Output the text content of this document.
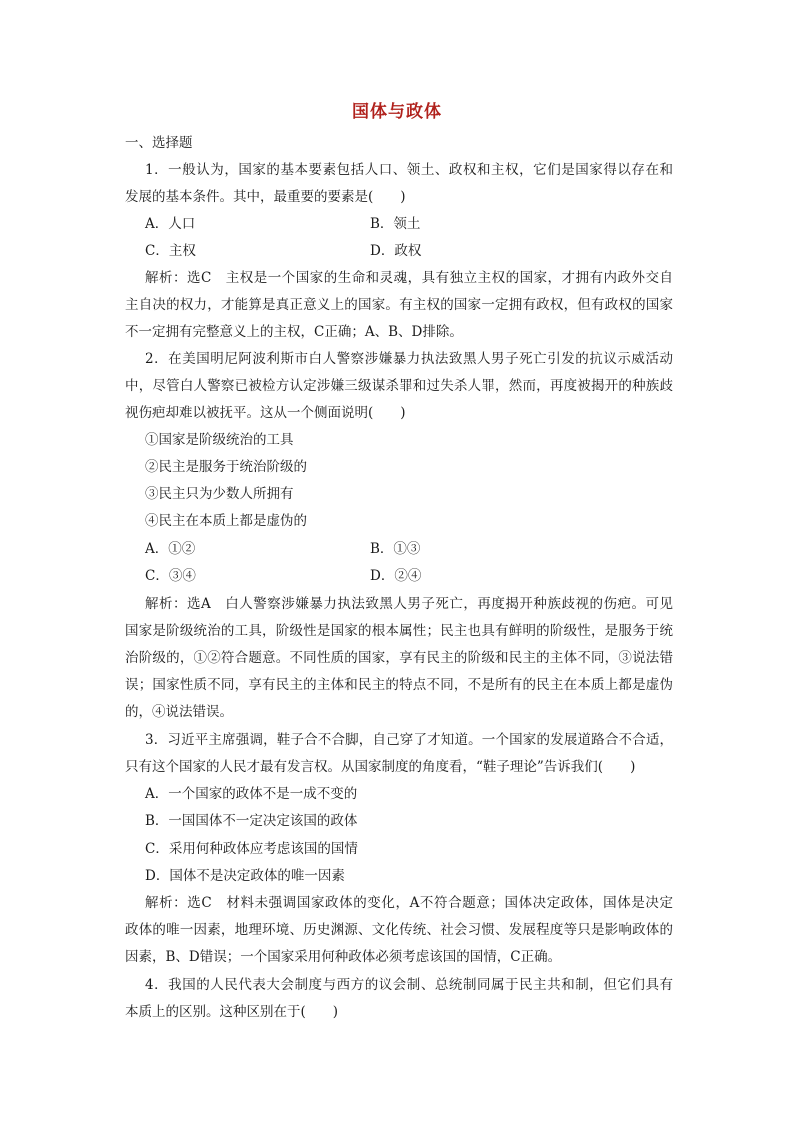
国体与政体
一、选择题
1．一般认为，国家的基本要素包括人口、领土、政权和主权，它们是国家得以存在和
发展的基本条件。其中，最重要的要素是(　　)
A．人口	B．领土
C．主权	D．政权
解析：选C　主权是一个国家的生命和灵魂，具有独立主权的国家，才拥有内政外交自
主自决的权力，才能算是真正意义上的国家。有主权的国家一定拥有政权，但有政权的国家
不一定拥有完整意义上的主权，C正确；A、B、D排除。
2．在美国明尼阿波利斯市白人警察涉嫌暴力执法致黑人男子死亡引发的抗议示威活动
中，尽管白人警察已被检方认定涉嫌三级谋杀罪和过失杀人罪，然而，再度被揭开的种族歧
视伤疤却难以被抚平。这从一个侧面说明(　　)
①国家是阶级统治的工具
②民主是服务于统治阶级的
③民主只为少数人所拥有
④民主在本质上都是虚伪的
A．①②	B．①③
C．③④	D．②④
解析：选A　白人警察涉嫌暴力执法致黑人男子死亡，再度揭开种族歧视的伤疤。可见
国家是阶级统治的工具，阶级性是国家的根本属性；民主也具有鲜明的阶级性，是服务于统
治阶级的，①②符合题意。不同性质的国家，享有民主的阶级和民主的主体不同，③说法错
误；国家性质不同，享有民主的主体和民主的特点不同，不是所有的民主在本质上都是虚伪
的，④说法错误。
3．习近平主席强调，鞋子合不合脚，自己穿了才知道。一个国家的发展道路合不合适，
只有这个国家的人民才最有发言权。从国家制度的角度看，“鞋子理论”告诉我们(　　)
A．一个国家的政体不是一成不变的
B．一国国体不一定决定该国的政体
C．采用何种政体应考虑该国的国情
D．国体不是决定政体的唯一因素
解析：选C　材料未强调国家政体的变化，A不符合题意；国体决定政体，国体是决定
政体的唯一因素，地理环境、历史渊源、文化传统、社会习惯、发展程度等只是影响政体的
因素，B、D错误；一个国家采用何种政体必须考虑该国的国情，C正确。
4．我国的人民代表大会制度与西方的议会制、总统制同属于民主共和制，但它们具有
本质上的区别。这种区别在于(　　)
